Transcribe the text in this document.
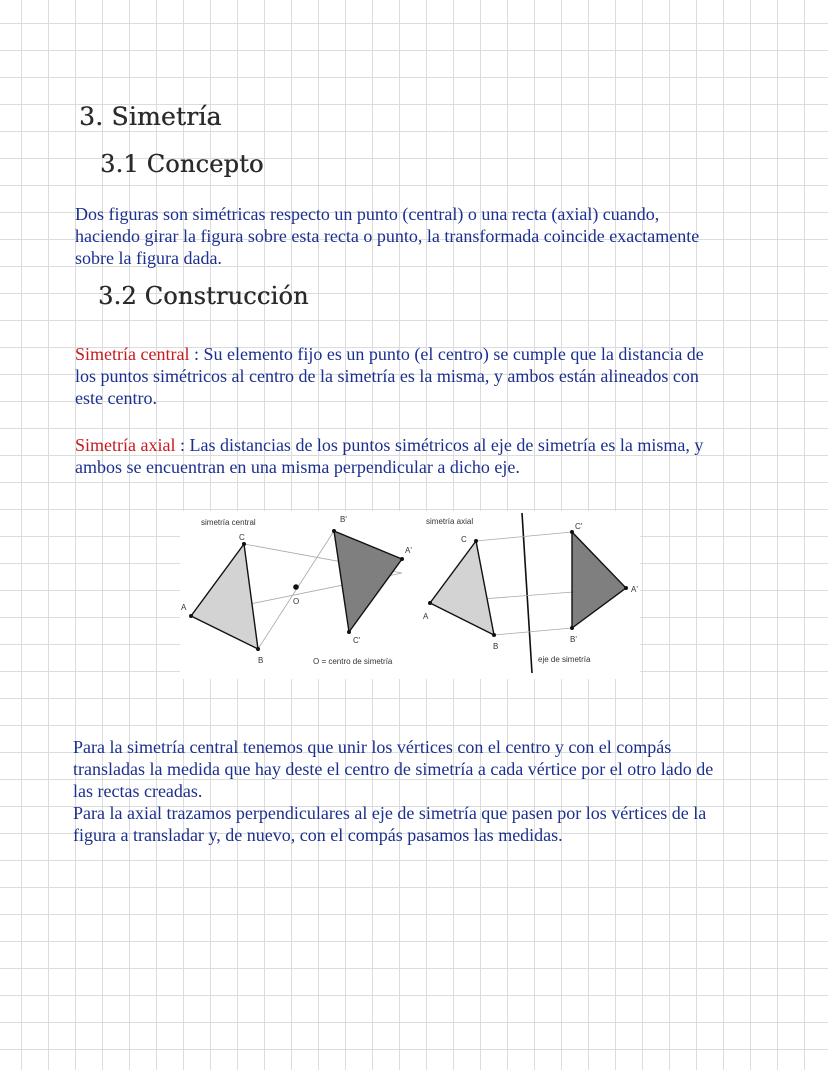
3. Simetría
3.1 Concepto

Dos figuras son simétricas respecto un punto (central) o una recta (axial) cuando,
haciendo girar la figura sobre esta recta o punto, la transformada coincide exactamente
sobre la figura dada.

3.2 Construcción

Simetría central : Su elemento fijo es un punto (el centro) se cumple que la distancia de
los puntos simétricos al centro de la simetría es la misma, y ambos están alineados con
este centro.

Simetría axial : Las distancias de los puntos simétricos al eje de simetría es la misma, y
ambos se encuentran en una misma perpendicular a dicho eje.

simetría central
C
A
B
O
B'
A'
C'
O = centro de simetría
simetría axial
C
A
B
C'
A'
B'
eje de simetría

Para la simetría central tenemos que unir los vértices con el centro y con el compás
transladas la medida que hay deste el centro de simetría a cada vértice por el otro lado de
las rectas creadas.
Para la axial trazamos perpendiculares al eje de simetría que pasen por los vértices de la
figura a transladar y, de nuevo, con el compás pasamos las medidas.
